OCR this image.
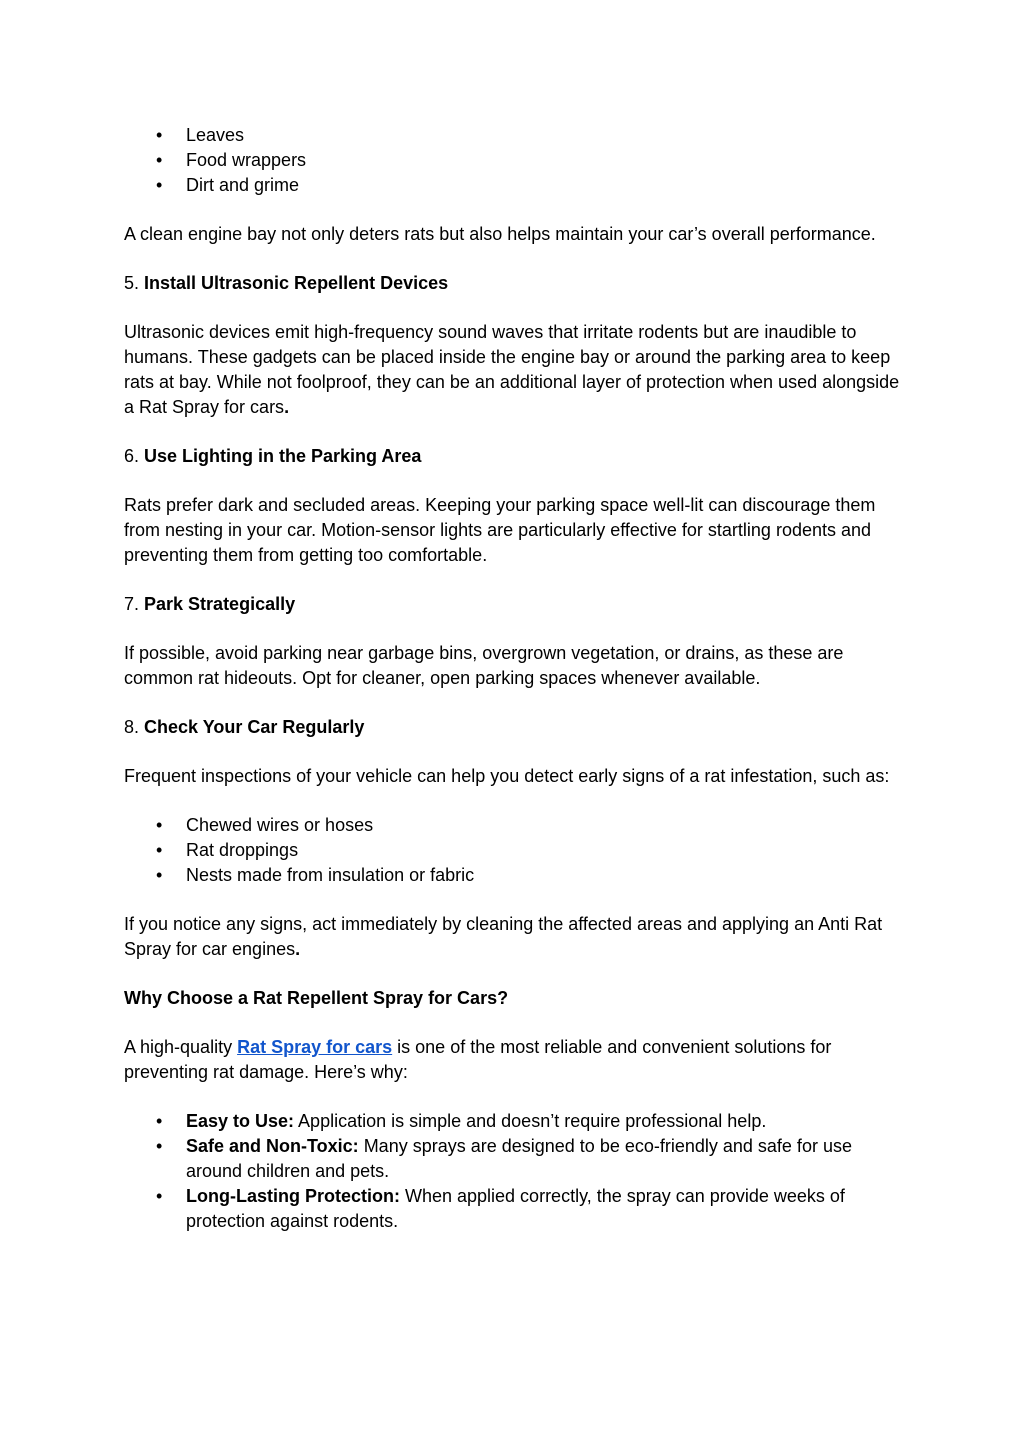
• Leaves
• Food wrappers
• Dirt and grime

A clean engine bay not only deters rats but also helps maintain your car’s overall performance.

5. Install Ultrasonic Repellent Devices

Ultrasonic devices emit high-frequency sound waves that irritate rodents but are inaudible to humans. These gadgets can be placed inside the engine bay or around the parking area to keep rats at bay. While not foolproof, they can be an additional layer of protection when used alongside a Rat Spray for cars.

6. Use Lighting in the Parking Area

Rats prefer dark and secluded areas. Keeping your parking space well-lit can discourage them from nesting in your car. Motion-sensor lights are particularly effective for startling rodents and preventing them from getting too comfortable.

7. Park Strategically

If possible, avoid parking near garbage bins, overgrown vegetation, or drains, as these are common rat hideouts. Opt for cleaner, open parking spaces whenever available.

8. Check Your Car Regularly

Frequent inspections of your vehicle can help you detect early signs of a rat infestation, such as:

• Chewed wires or hoses
• Rat droppings
• Nests made from insulation or fabric

If you notice any signs, act immediately by cleaning the affected areas and applying an Anti Rat Spray for car engines.

Why Choose a Rat Repellent Spray for Cars?

A high-quality Rat Spray for cars is one of the most reliable and convenient solutions for preventing rat damage. Here’s why:

• Easy to Use: Application is simple and doesn’t require professional help.
• Safe and Non-Toxic: Many sprays are designed to be eco-friendly and safe for use around children and pets.
• Long-Lasting Protection: When applied correctly, the spray can provide weeks of protection against rodents.
